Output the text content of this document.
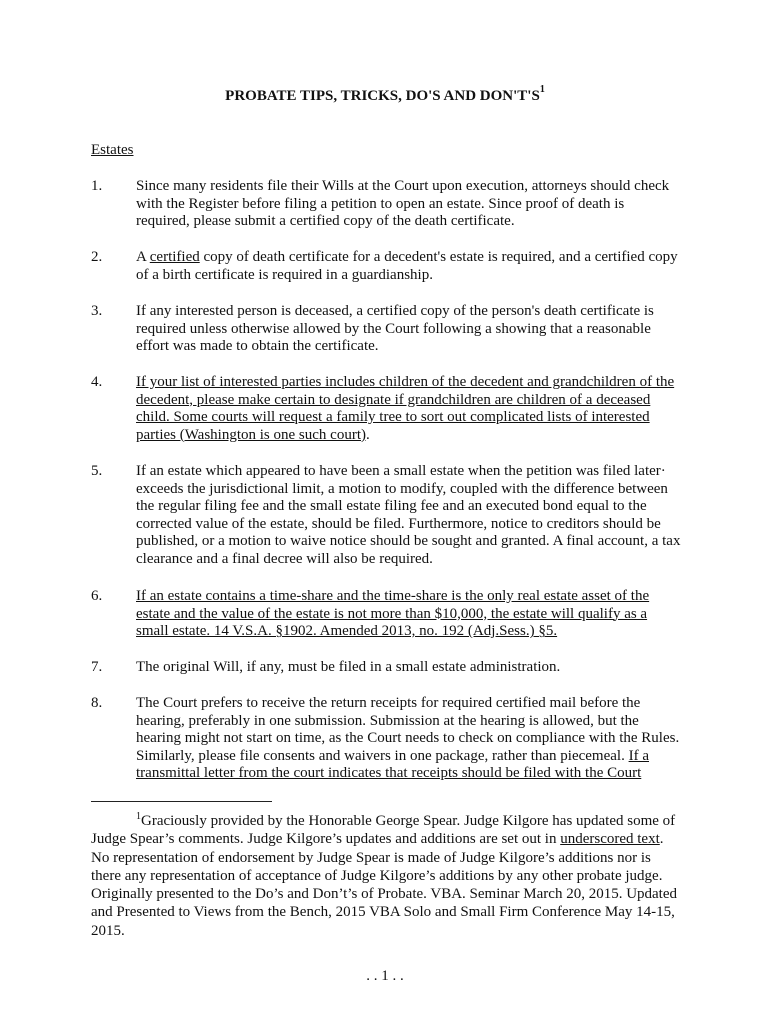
PROBATE TIPS, TRICKS, DO'S AND $DON'T'S^1$
Estates
1.	Since many residents file their Wills at the Court upon execution, attorneys should check with the Register before filing a petition to open an estate. Since proof of death is required, please submit a certified copy of the death certificate.
2.	A certified copy of death certificate for a decedent's estate is required, and a certified copy of a birth certificate is required in a guardianship.
3.	If any interested person is deceased, a certified copy of the person's death certificate is required unless otherwise allowed by the Court following a showing that a reasonable effort was made to obtain the certificate.
4.	If your list of interested parties includes children of the decedent and grandchildren of the decedent, please make certain to designate if grandchildren are children of a deceased child. Some courts will request a family tree to sort out complicated lists of interested parties (Washington is one such court).
5.	If an estate which appeared to have been a small estate when the petition was filed later· exceeds the jurisdictional limit, a motion to modify, coupled with the difference between the regular filing fee and the small estate filing fee and an executed bond equal to the corrected value of the estate, should be filed. Furthermore, notice to creditors should be published, or a motion to waive notice should be sought and granted. A final account, a tax clearance and a final decree will also be required.
6.	If an estate contains a time-share and the time-share is the only real estate asset of the estate and the value of the estate is not more than $10,000, the estate will qualify as a small estate. 14 V.S.A. §1902. Amended 2013, no. 192 (Adj.Sess.) §5.
7.	The original Will, if any, must be filed in a small estate administration.
8.	The Court prefers to receive the return receipts for required certified mail before the hearing, preferably in one submission. Submission at the hearing is allowed, but the hearing might not start on time, as the Court needs to check on compliance with the Rules. Similarly, please file consents and waivers in one package, rather than piecemeal. If a transmittal letter from the court indicates that receipts should be filed with the Court
$^1$Graciously provided by the Honorable George Spear. Judge Kilgore has updated some of Judge Spear’s comments. Judge Kilgore’s updates and additions are set out in underscored text. No representation of endorsement by Judge Spear is made of Judge Kilgore’s additions nor is there any representation of acceptance of Judge Kilgore’s additions by any other probate judge. Originally presented to the Do’s and Don’t’s of Probate. VBA. Seminar March 20, 2015. Updated and Presented to Views from the Bench, 2015 VBA Solo and Small Firm Conference May 14-15, 2015.
. . 1 . .
